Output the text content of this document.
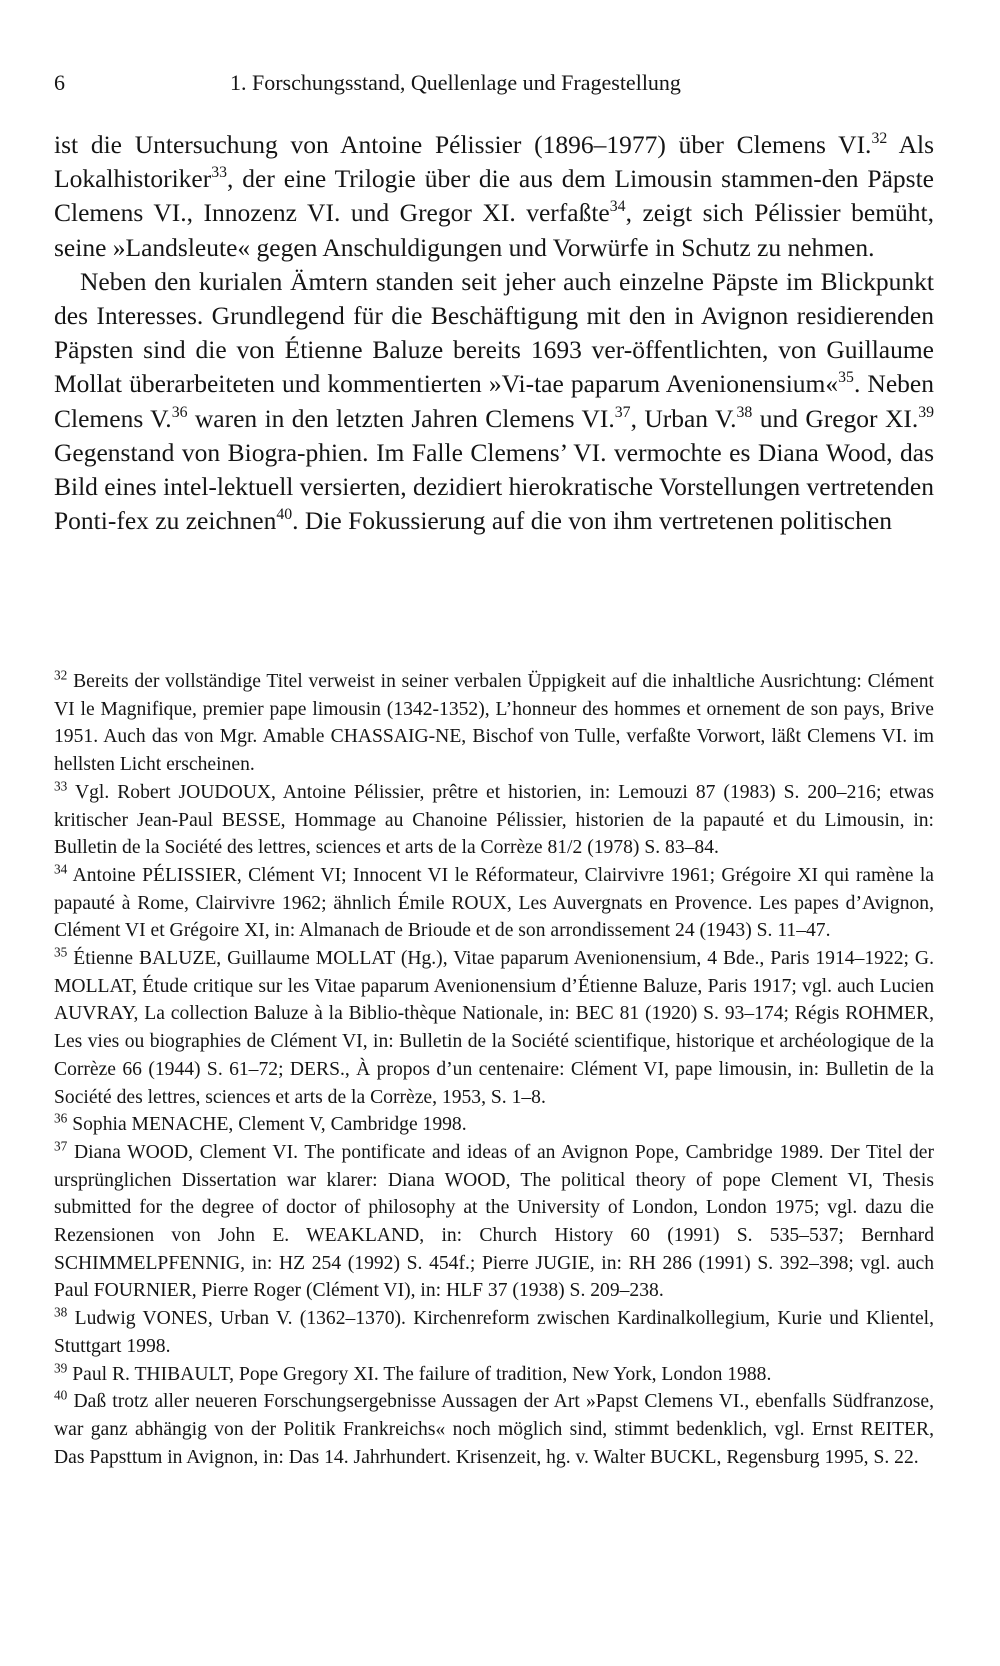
6	1. Forschungsstand, Quellenlage und Fragestellung

ist die Untersuchung von Antoine Pélissier (1896–1977) über Clemens VI.$^{32}$ Als Lokalhistoriker$^{33}$, der eine Trilogie über die aus dem Limousin stammen-den Päpste Clemens VI., Innozenz VI. und Gregor XI. verfaßte$^{34}$, zeigt sich Pélissier bemüht, seine »Landsleute« gegen Anschuldigungen und Vorwürfe in Schutz zu nehmen.

Neben den kurialen Ämtern standen seit jeher auch einzelne Päpste im Blickpunkt des Interesses. Grundlegend für die Beschäftigung mit den in Avignon residierenden Päpsten sind die von Étienne Baluze bereits 1693 ver-öffentlichten, von Guillaume Mollat überarbeiteten und kommentierten »Vi-tae paparum Avenionensium«$^{35}$. Neben Clemens V.$^{36}$ waren in den letzten Jahren Clemens VI.$^{37}$, Urban V.$^{38}$ und Gregor XI.$^{39}$ Gegenstand von Biogra-phien. Im Falle Clemens’ VI. vermochte es Diana Wood, das Bild eines intel-lektuell versierten, dezidiert hierokratische Vorstellungen vertretenden Ponti-fex zu zeichnen$^{40}$. Die Fokussierung auf die von ihm vertretenen politischen

$^{32}$ Bereits der vollständige Titel verweist in seiner verbalen Üppigkeit auf die inhaltliche Ausrichtung: Clément VI le Magnifique, premier pape limousin (1342-1352), L’honneur des hommes et ornement de son pays, Brive 1951. Auch das von Mgr. Amable CHASSAIG-NE, Bischof von Tulle, verfaßte Vorwort, läßt Clemens VI. im hellsten Licht erscheinen.

$^{33}$ Vgl. Robert JOUDOUX, Antoine Pélissier, prêtre et historien, in: Lemouzi 87 (1983) S. 200–216; etwas kritischer Jean-Paul BESSE, Hommage au Chanoine Pélissier, historien de la papauté et du Limousin, in: Bulletin de la Société des lettres, sciences et arts de la Corrèze 81/2 (1978) S. 83–84.

$^{34}$ Antoine PÉLISSIER, Clément VI; Innocent VI le Réformateur, Clairvivre 1961; Grégoire XI qui ramène la papauté à Rome, Clairvivre 1962; ähnlich Émile ROUX, Les Auvergnats en Provence. Les papes d’Avignon, Clément VI et Grégoire XI, in: Almanach de Brioude et de son arrondissement 24 (1943) S. 11–47.

$^{35}$ Étienne BALUZE, Guillaume MOLLAT (Hg.), Vitae paparum Avenionensium, 4 Bde., Paris 1914–1922; G. MOLLAT, Étude critique sur les Vitae paparum Avenionensium d’Étienne Baluze, Paris 1917; vgl. auch Lucien AUVRAY, La collection Baluze à la Biblio-thèque Nationale, in: BEC 81 (1920) S. 93–174; Régis ROHMER, Les vies ou biographies de Clément VI, in: Bulletin de la Société scientifique, historique et archéologique de la Corrèze 66 (1944) S. 61–72; DERS., À propos d’un centenaire: Clément VI, pape limousin, in: Bulletin de la Société des lettres, sciences et arts de la Corrèze, 1953, S. 1–8.

$^{36}$ Sophia MENACHE, Clement V, Cambridge 1998.

$^{37}$ Diana WOOD, Clement VI. The pontificate and ideas of an Avignon Pope, Cambridge 1989. Der Titel der ursprünglichen Dissertation war klarer: Diana WOOD, The political theory of pope Clement VI, Thesis submitted for the degree of doctor of philosophy at the University of London, London 1975; vgl. dazu die Rezensionen von John E. WEAKLAND, in: Church History 60 (1991) S. 535–537; Bernhard SCHIMMELPFENNIG, in: HZ 254 (1992) S. 454f.; Pierre JUGIE, in: RH 286 (1991) S. 392–398; vgl. auch Paul FOURNIER, Pierre Roger (Clément VI), in: HLF 37 (1938) S. 209–238.

$^{38}$ Ludwig VONES, Urban V. (1362–1370). Kirchenreform zwischen Kardinalkollegium, Kurie und Klientel, Stuttgart 1998.

$^{39}$ Paul R. THIBAULT, Pope Gregory XI. The failure of tradition, New York, London 1988.

$^{40}$ Daß trotz aller neueren Forschungsergebnisse Aussagen der Art »Papst Clemens VI., ebenfalls Südfranzose, war ganz abhängig von der Politik Frankreichs« noch möglich sind, stimmt bedenklich, vgl. Ernst REITER, Das Papsttum in Avignon, in: Das 14. Jahrhundert. Krisenzeit, hg. v. Walter BUCKL, Regensburg 1995, S. 22.
